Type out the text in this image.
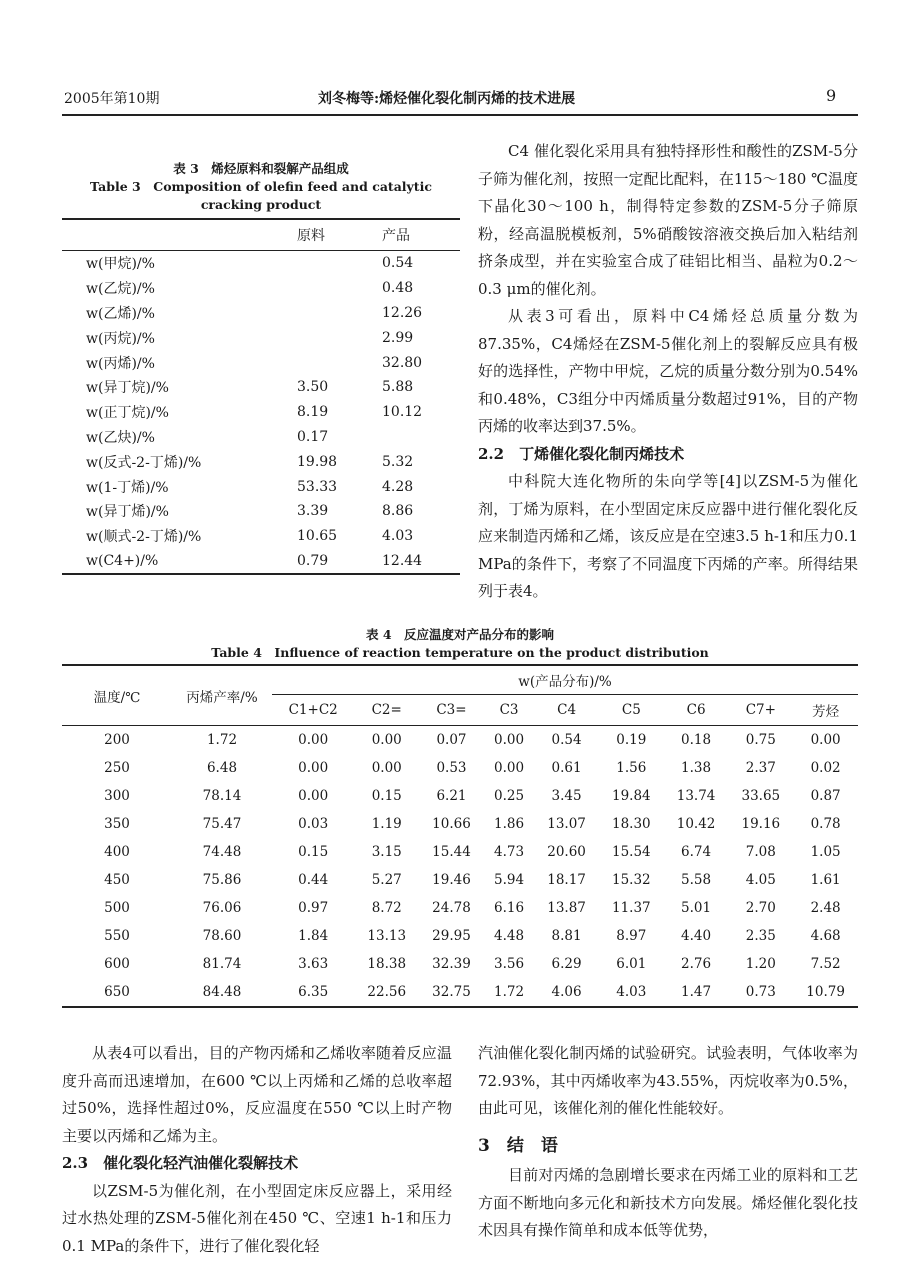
2005年第10期	刘冬梅等:烯烃催化裂化制丙烯的技术进展	9
表 3　烯烃原料和裂解产品组成
Table 3　Composition of olefin feed and catalytic
cracking product
	原料	产品
w(甲烷)/%		0.54
w(乙烷)/%		0.48
w(乙烯)/%		12.26
w(丙烷)/%		2.99
w(丙烯)/%		32.80
w(异丁烷)/%	3.50	5.88
w(正丁烷)/%	8.19	10.12
w(乙炔)/%	0.17	
w(反式-2-丁烯)/%	19.98	5.32
w(1-丁烯)/%	53.33	4.28
w(异丁烯)/%	3.39	8.86
w(顺式-2-丁烯)/%	10.65	4.03
w(C4+)/%	0.79	12.44

C4 催化裂化采用具有独特择形性和酸性的ZSM-5分子筛为催化剂，按照一定配比配料，在115～180 ℃温度下晶化30～100 h，制得特定参数的ZSM-5分子筛原粉，经高温脱模板剂，5%硝酸铵溶液交换后加入粘结剂挤条成型，并在实验室合成了硅铝比相当、晶粒为0.2～0.3 μm的催化剂。

从表3可看出，原料中C4烯烃总质量分数为87.35%，C4烯烃在ZSM-5催化剂上的裂解反应具有极好的选择性，产物中甲烷，乙烷的质量分数分别为0.54%和0.48%，C3组分中丙烯质量分数超过91%，目的产物丙烯的收率达到37.5%。

2.2　丁烯催化裂化制丙烯技术

中科院大连化物所的朱向学等[4]以ZSM-5为催化剂，丁烯为原料，在小型固定床反应器中进行催化裂化反应来制造丙烯和乙烯，该反应是在空速3.5 h-1和压力0.1 MPa的条件下，考察了不同温度下丙烯的产率。所得结果列于表4。

表 4　反应温度对产品分布的影响
Table 4　Influence of reaction temperature on the product distribution
温度/℃	丙烯产率/%	w(产品分布)/%								
		C1+C2	C2=	C3=	C3	C4	C5	C6	C7+	芳烃
200	1.72	0.00	0.00	0.07	0.00	0.54	0.19	0.18	0.75	0.00
250	6.48	0.00	0.00	0.53	0.00	0.61	1.56	1.38	2.37	0.02
300	78.14	0.00	0.15	6.21	0.25	3.45	19.84	13.74	33.65	0.87
350	75.47	0.03	1.19	10.66	1.86	13.07	18.30	10.42	19.16	0.78
400	74.48	0.15	3.15	15.44	4.73	20.60	15.54	6.74	7.08	1.05
450	75.86	0.44	5.27	19.46	5.94	18.17	15.32	5.58	4.05	1.61
500	76.06	0.97	8.72	24.78	6.16	13.87	11.37	5.01	2.70	2.48
550	78.60	1.84	13.13	29.95	4.48	8.81	8.97	4.40	2.35	4.68
600	81.74	3.63	18.38	32.39	3.56	6.29	6.01	2.76	1.20	7.52
650	84.48	6.35	22.56	32.75	1.72	4.06	4.03	1.47	0.73	10.79

从表4可以看出，目的产物丙烯和乙烯收率随着反应温度升高而迅速增加，在600 ℃以上丙烯和乙烯的总收率超过50%，选择性超过0%，反应温度在550 ℃以上时产物主要以丙烯和乙烯为主。

2.3　催化裂化轻汽油催化裂解技术

以ZSM-5为催化剂，在小型固定床反应器上，采用经过水热处理的ZSM-5催化剂在450 ℃、空速1 h-1和压力0.1 MPa的条件下，进行了催化裂化轻

汽油催化裂化制丙烯的试验研究。试验表明，气体收率为72.93%，其中丙烯收率为43.55%，丙烷收率为0.5%，由此可见，该催化剂的催化性能较好。

3　结　语

目前对丙烯的急剧增长要求在丙烯工业的原料和工艺方面不断地向多元化和新技术方向发展。烯烃催化裂化技术因具有操作简单和成本低等优势，
